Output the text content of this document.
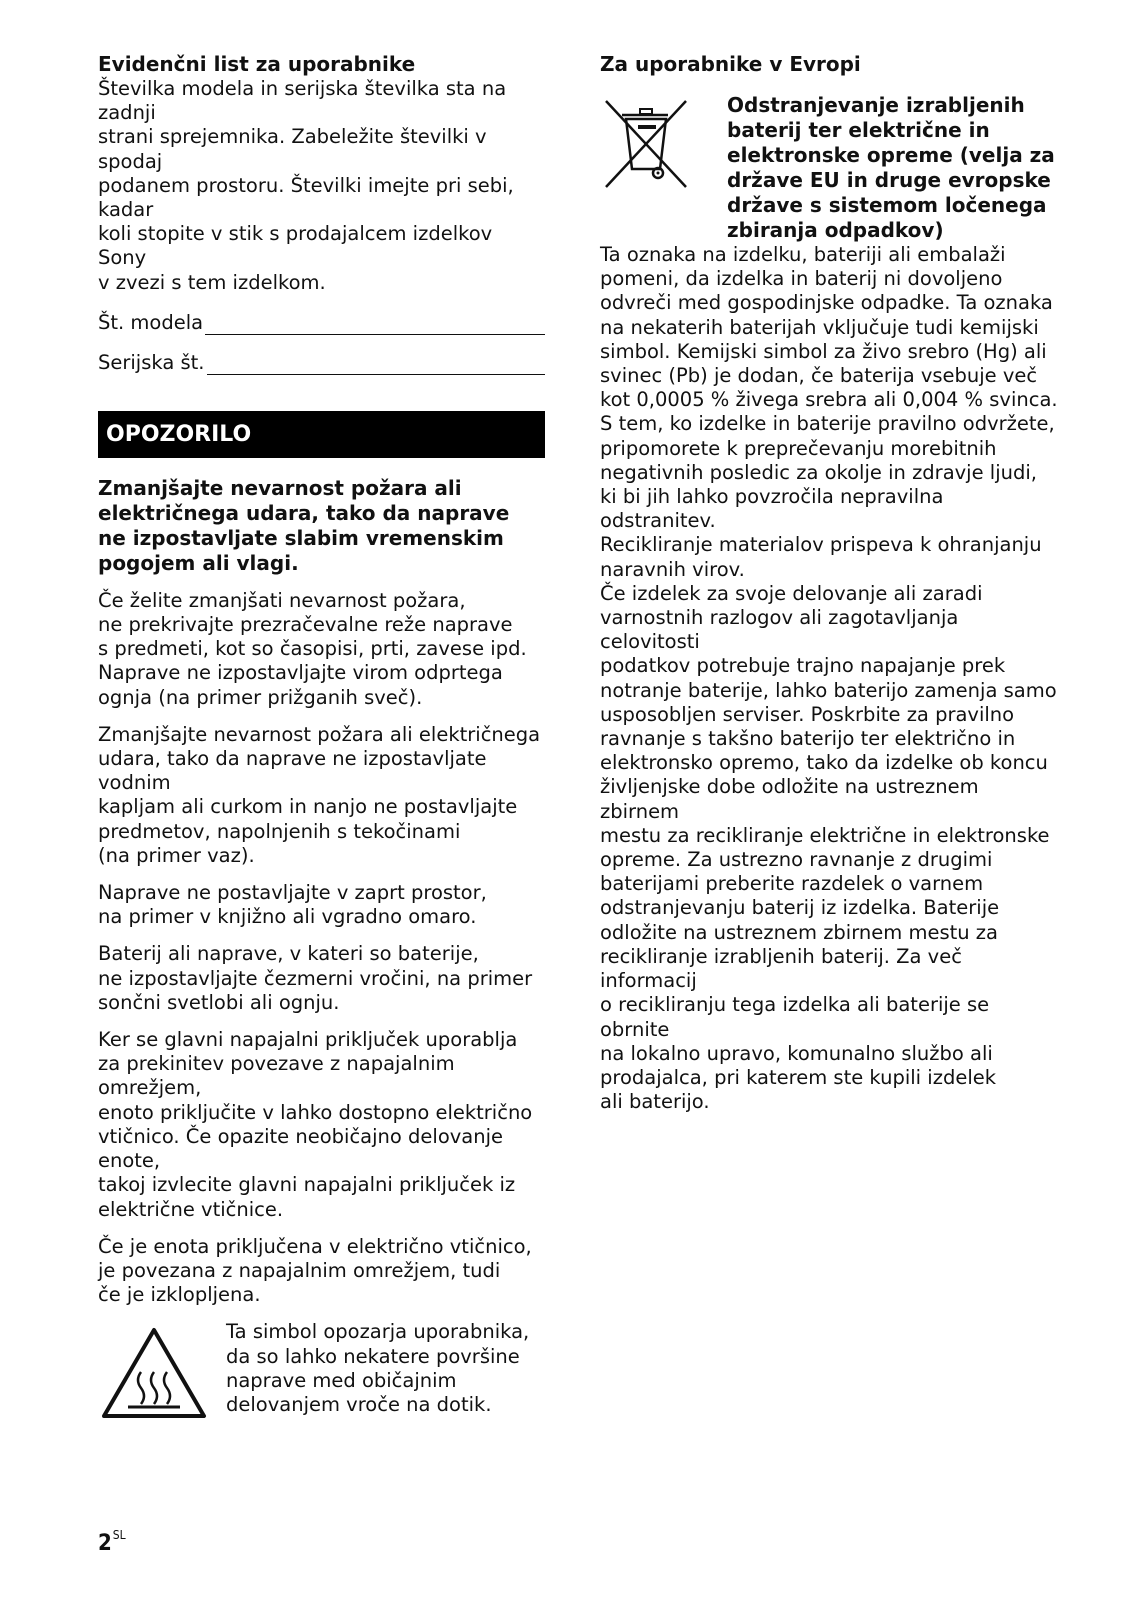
Evidenčni list za uporabnike

Številka modela in serijska številka sta na zadnji
strani sprejemnika. Zabeležite številki v spodaj
podanem prostoru. Številki imejte pri sebi, kadar
koli stopite v stik s prodajalcem izdelkov Sony
v zvezi s tem izdelkom.

Št. modela
Serijska št.
OPOZORILO

Zmanjšajte nevarnost požara ali
električnega udara, tako da naprave
ne izpostavljate slabim vremenskim
pogojem ali vlagi.

Če želite zmanjšati nevarnost požara,
ne prekrivajte prezračevalne reže naprave
s predmeti, kot so časopisi, prti, zavese ipd.
Naprave ne izpostavljajte virom odprtega
ognja (na primer prižganih sveč).

Zmanjšajte nevarnost požara ali električnega
udara, tako da naprave ne izpostavljate vodnim
kapljam ali curkom in nanjo ne postavljajte
predmetov, napolnjenih s tekočinami
(na primer vaz).

Naprave ne postavljajte v zaprt prostor,
na primer v knjižno ali vgradno omaro.

Baterij ali naprave, v kateri so baterije,
ne izpostavljajte čezmerni vročini, na primer
sončni svetlobi ali ognju.

Ker se glavni napajalni priključek uporablja
za prekinitev povezave z napajalnim omrežjem,
enoto priključite v lahko dostopno električno
vtičnico. Če opazite neobičajno delovanje enote,
takoj izvlecite glavni napajalni priključek iz
električne vtičnice.

Če je enota priključena v električno vtičnico,
je povezana z napajalnim omrežjem, tudi
če je izklopljena.

Ta simbol opozarja uporabnika,
da so lahko nekatere površine
naprave med običajnim
delovanjem vroče na dotik.

Za uporabnike v Evropi

Odstranjevanje izrabljenih
baterij ter električne in
elektronske opreme (velja za
države EU in druge evropske
države s sistemom ločenega
zbiranja odpadkov)

Ta oznaka na izdelku, bateriji ali embalaži
pomeni, da izdelka in baterij ni dovoljeno
odvreči med gospodinjske odpadke. Ta oznaka
na nekaterih baterijah vključuje tudi kemijski
simbol. Kemijski simbol za živo srebro (Hg) ali
svinec (Pb) je dodan, če baterija vsebuje več
kot 0,0005 % živega srebra ali 0,004 % svinca.
S tem, ko izdelke in baterije pravilno odvržete,
pripomorete k preprečevanju morebitnih
negativnih posledic za okolje in zdravje ljudi,
ki bi jih lahko povzročila nepravilna odstranitev.
Recikliranje materialov prispeva k ohranjanju
naravnih virov.

Če izdelek za svoje delovanje ali zaradi
varnostnih razlogov ali zagotavljanja celovitosti
podatkov potrebuje trajno napajanje prek
notranje baterije, lahko baterijo zamenja samo
usposobljen serviser. Poskrbite za pravilno
ravnanje s takšno baterijo ter električno in
elektronsko opremo, tako da izdelke ob koncu
življenjske dobe odložite na ustreznem zbirnem
mestu za recikliranje električne in elektronske
opreme. Za ustrezno ravnanje z drugimi
baterijami preberite razdelek o varnem
odstranjevanju baterij iz izdelka. Baterije
odložite na ustreznem zbirnem mestu za
recikliranje izrabljenih baterij. Za več informacij
o recikliranju tega izdelka ali baterije se obrnite
na lokalno upravo, komunalno službo ali
prodajalca, pri katerem ste kupili izdelek
ali baterijo.

$2^{SL}$
